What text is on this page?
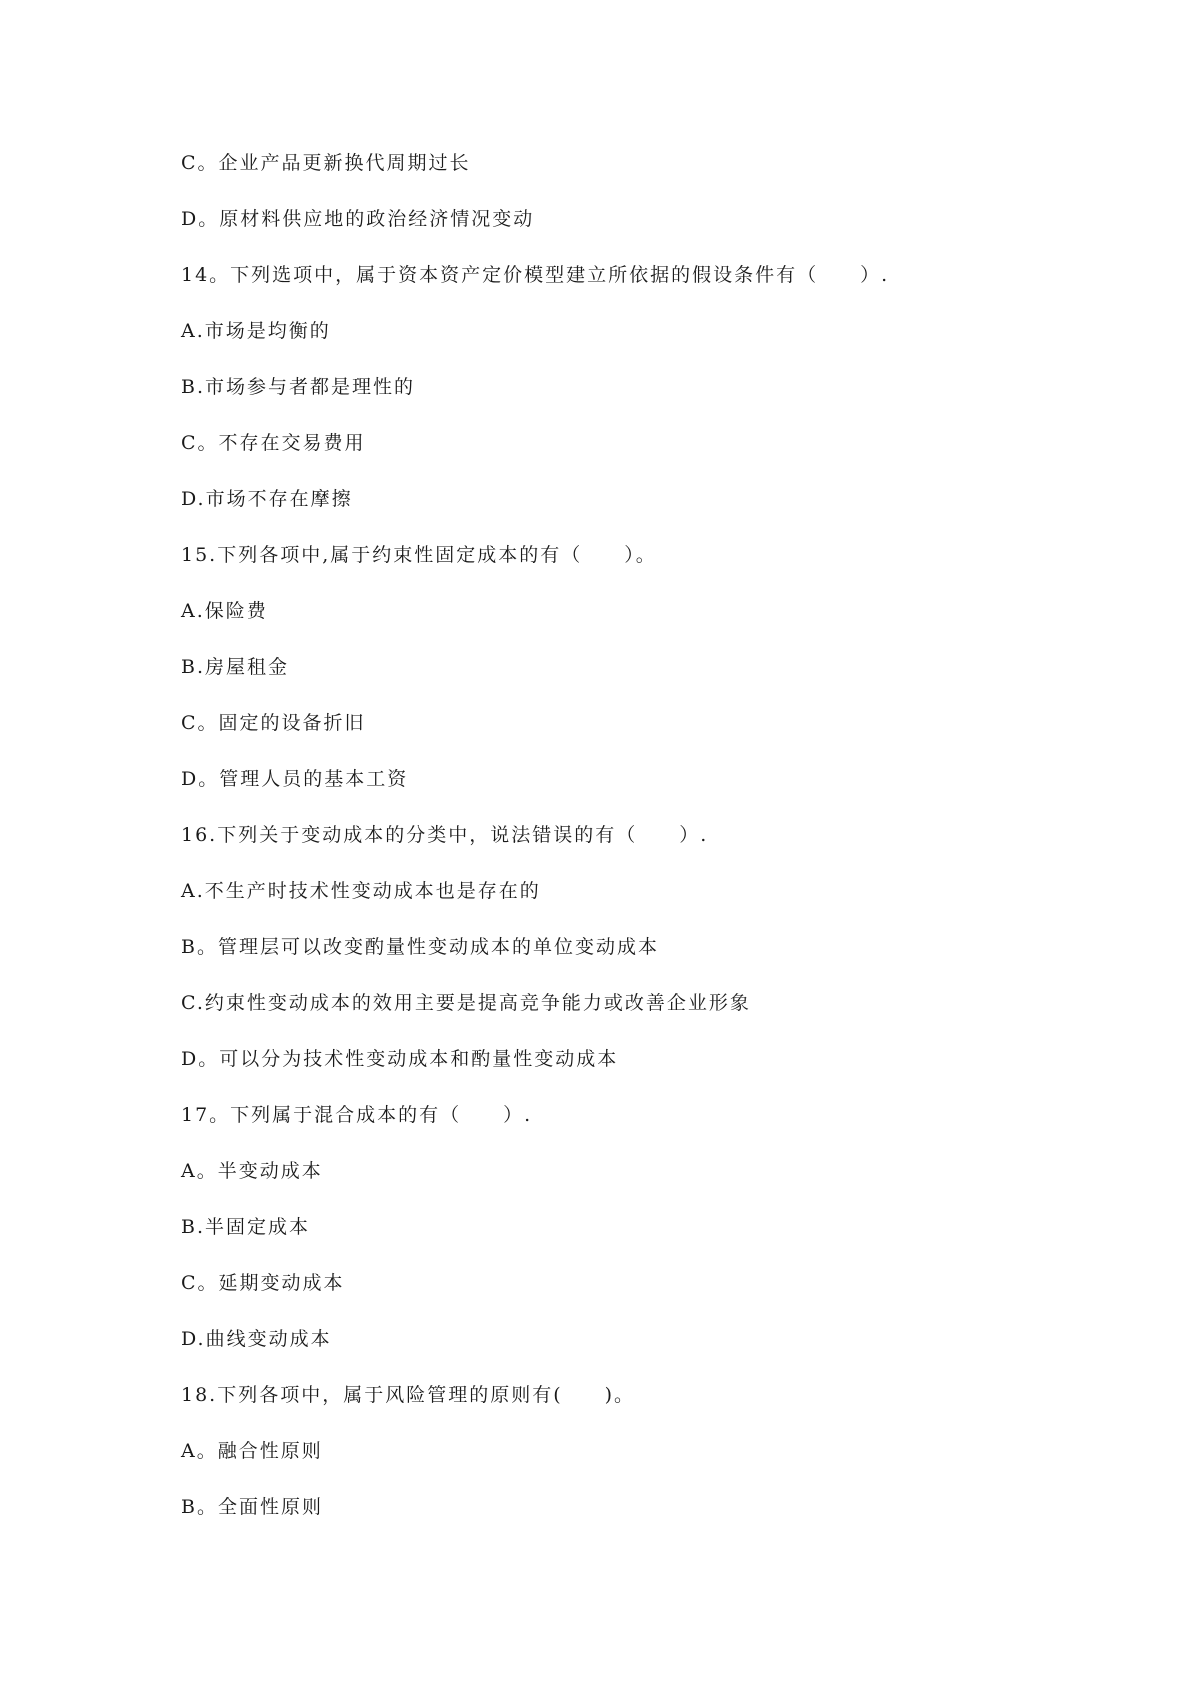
C。企业产品更新换代周期过长
D。原材料供应地的政治经济情况变动
14。下列选项中，属于资本资产定价模型建立所依据的假设条件有（　　）.
A.市场是均衡的
B.市场参与者都是理性的
C。不存在交易费用
D.市场不存在摩擦
15.下列各项中,属于约束性固定成本的有（　　）。
A.保险费
B.房屋租金
C。固定的设备折旧
D。管理人员的基本工资
16.下列关于变动成本的分类中，说法错误的有（　　）.
A.不生产时技术性变动成本也是存在的
B。管理层可以改变酌量性变动成本的单位变动成本
C.约束性变动成本的效用主要是提高竞争能力或改善企业形象
D。可以分为技术性变动成本和酌量性变动成本
17。下列属于混合成本的有（　　）.
A。半变动成本
B.半固定成本
C。延期变动成本
D.曲线变动成本
18.下列各项中，属于风险管理的原则有(　　)。
A。融合性原则
B。全面性原则
